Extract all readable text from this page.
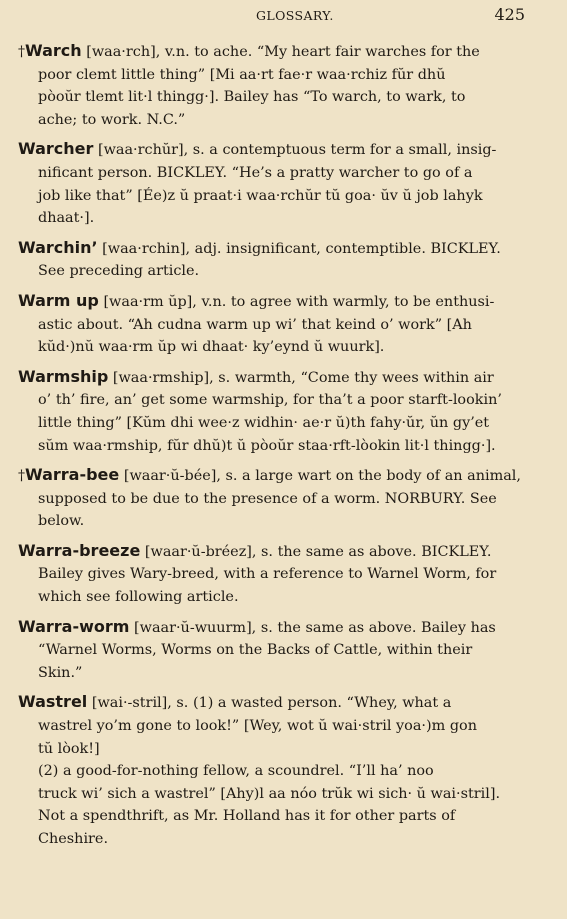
GLOSSARY.	425
†Warch [waa·rch], v.n. to ache. “My heart fair warches for the
poor clemt little thing” [Mi aa·rt fae·r waa·rchiz fŭr dhŭ
pòoŭr tlemt lit·l thingg·]. Bailey has “To warch, to wark, to
ache; to work. N.C.”
Warcher [waa·rchŭr], s. a contemptuous term for a small, insig-
nificant person. BICKLEY. “He’s a pratty warcher to go of a
job like that” [Ée)z ŭ praat·i waa·rchŭr tŭ goa· ŭv ŭ job lahyk
dhaat·].
Warchin’ [waa·rchin], adj. insignificant, contemptible. BICKLEY.
See preceding article.
Warm up [waa·rm ŭp], v.n. to agree with warmly, to be enthusi-
astic about. “Ah cudna warm up wi’ that keind o’ work” [Ah
kŭd·)nŭ waa·rm ŭp wi dhaat· ky’eynd ŭ wuurk].
Warmship [waa·rmship], s. warmth, “Come thy wees within air
o’ th’ fire, an’ get some warmship, for tha’t a poor starft-lookin’
little thing” [Kŭm dhi wee·z widhin· ae·r ŭ)th fahy·ŭr, ŭn gy’et
sŭm waa·rmship, fŭr dhŭ)t ŭ pòoŭr staa·rft-lòokin lit·l thingg·].
†Warra-bee [waar·ŭ-bée], s. a large wart on the body of an animal,
supposed to be due to the presence of a worm. NORBURY. See
below.
Warra-breeze [waar·ŭ-bréez], s. the same as above. BICKLEY.
Bailey gives Wary-breed, with a reference to Warnel Worm, for
which see following article.
Warra-worm [waar·ŭ-wuurm], s. the same as above. Bailey has
“Warnel Worms, Worms on the Backs of Cattle, within their
Skin.”
Wastrel [wai·-stril], s. (1) a wasted person. “Whey, what a
wastrel yo’m gone to look!” [Wey, wot ŭ wai·stril yoa·)m gon
tŭ lòok!]
(2) a good-for-nothing fellow, a scoundrel. “I’ll ha’ noo
truck wi’ sich a wastrel” [Ahy)l aa nóo trŭk wi sich· ŭ wai·stril].
Not a spendthrift, as Mr. Holland has it for other parts of
Cheshire.
